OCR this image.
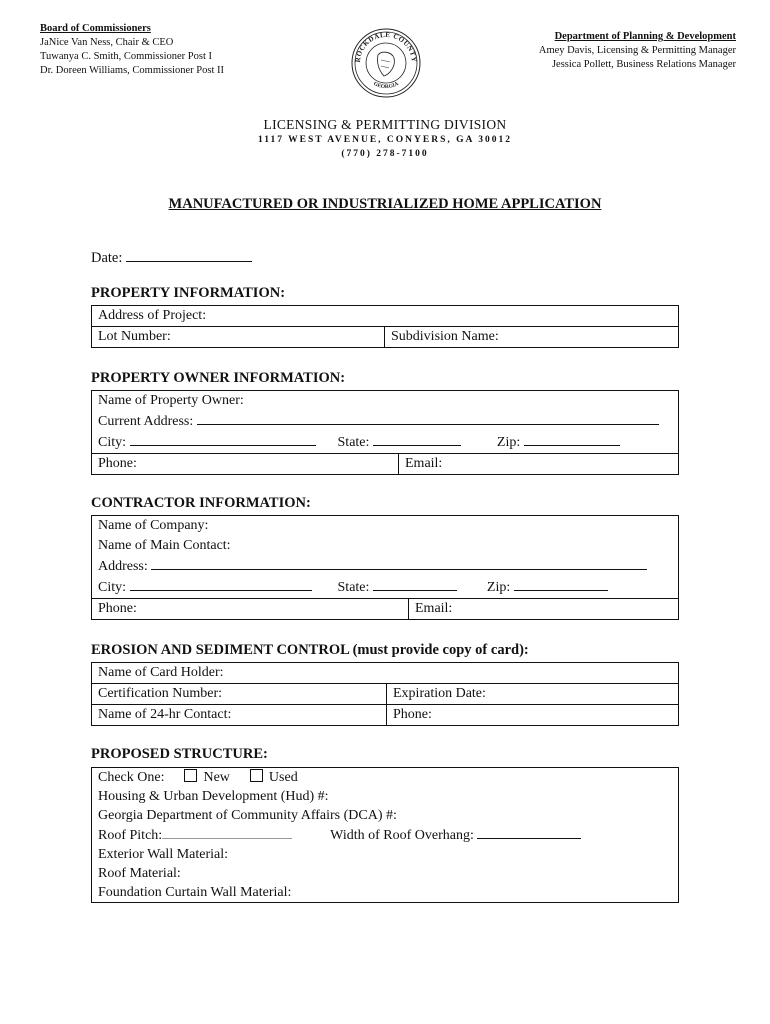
Board of Commissioners
JaNice Van Ness, Chair & CEO
Tuwanya C. Smith, Commissioner Post I
Dr. Doreen Williams, Commissioner Post II
ROCKDALE COUNTY
GEORGIA
Department of Planning & Development
Amey Davis, Licensing & Permitting Manager
Jessica Pollett, Business Relations Manager
LICENSING & PERMITTING DIVISION
1117 WEST AVENUE, CONYERS, GA 30012
(770) 278-7100
MANUFACTURED OR INDUSTRIALIZED HOME APPLICATION
Date:
PROPERTY INFORMATION:
Address of Project:
Lot Number:	Subdivision Name:
PROPERTY OWNER INFORMATION:
Name of Property Owner:
Current Address:
City:	State:	Zip:
Phone:	Email:
CONTRACTOR INFORMATION:
Name of Company:
Name of Main Contact:
Address:
City:	State:	Zip:
Phone:	Email:
EROSION AND SEDIMENT CONTROL (must provide copy of card):
Name of Card Holder:	
Certification Number:	Expiration Date:
Name of 24-hr Contact:	Phone:
PROPOSED STRUCTURE:
Check One:	New	Used
Housing & Urban Development (Hud) #:
Georgia Department of Community Affairs (DCA) #:
Roof Pitch:	Width of Roof Overhang:
Exterior Wall Material:
Roof Material:
Foundation Curtain Wall Material:
